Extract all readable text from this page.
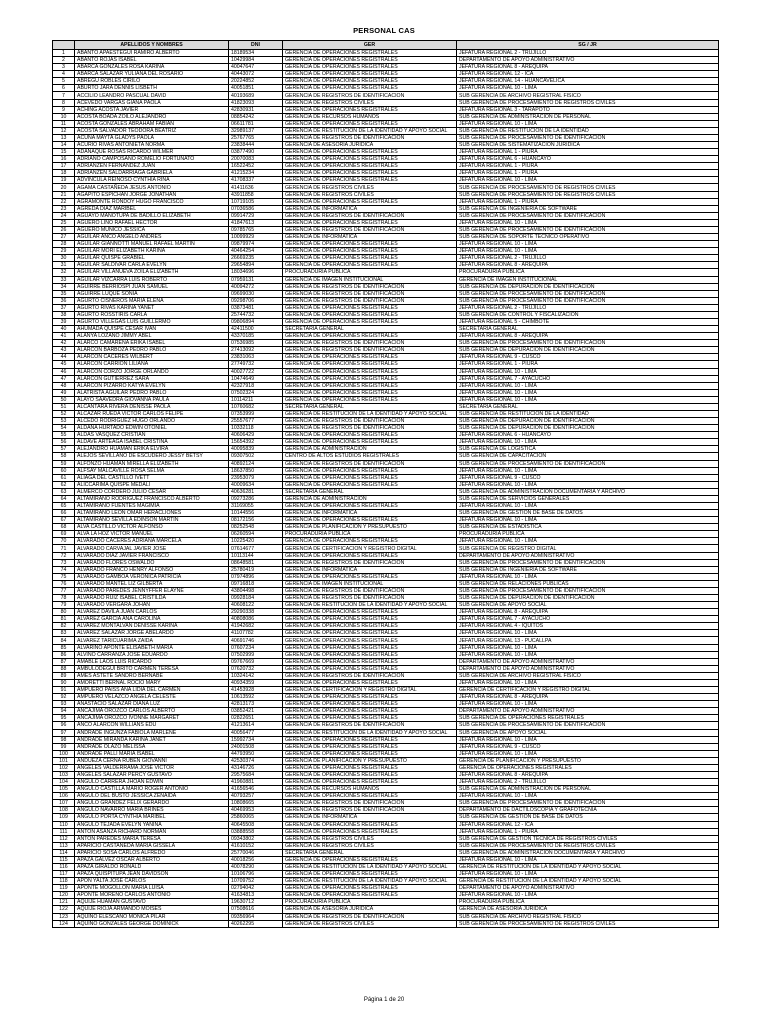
PERSONAL CAS
	APELLIDOS Y NOMBRES	DNI	GER	SG / JR
1	ABANTO APAESTEGUI RAMIRO ALBERTO	18189534	GERENCIA DE OPERACIONES REGISTRALES	JEFATURA REGIONAL 2 - TRUJILLO
2	ABANTO ROJAS ISABEL	10429984	GERENCIA DE OPERACIONES REGISTRALES	DEPARTAMENTO DE APOYO ADMINISTRATIVO
3	ABARCA GONZALES ROSA KARINA	40047647	GERENCIA DE OPERACIONES REGISTRALES	JEFATURA REGIONAL 8 - AREQUIPA
4	ABARCA SALAZAR YULIANA DEL ROSARIO	40443072	GERENCIA DE OPERACIONES REGISTRALES	JEFATURA REGIONAL 12 - ICA
5	ABREGU ROBLES CIRILO	20224852	GERENCIA DE OPERACIONES REGISTRALES	JEFATURA REGIONAL 14 - HUANCAVELICA
6	ABURTO JARA DENNIS LISBETH	40051851	GERENCIA DE OPERACIONES REGISTRALES	JEFATURA REGIONAL 10 - LIMA
7	ACCILIO LEANDRO PASCUAL DAVID	40193689	GERENCIA DE REGISTROS DE IDENTIFICACION	SUB GERENCIA DE ARCHIVO REGISTRAL FISICO
8	ACEVEDO VARGAS GIANA PAOLA	41823093	GERENCIA DE REGISTROS CIVILES	SUB GERENCIA DE PROCESAMIENTO DE REGISTROS CIVILES
9	ACHING ACOSTA JAVIER	42830931	GERENCIA DE OPERACIONES REGISTRALES	JEFATURA REGIONAL 3 - TARAPOTO
10	ACOSTA BOADA ZOILO ALEJANDRO	08854242	GERENCIA DE RECURSOS HUMANOS	SUB GERENCIA DE ADMINISTRACION DE PERSONAL
11	ACOSTA GONZALES ABRAHAM FABIAN	06611781	GERENCIA DE OPERACIONES REGISTRALES	JEFATURA REGIONAL 10 - LIMA
12	ACOSTA SALVADOR TEODORA BEATRIZ	32989137	GERENCIA DE RESTITUCION DE LA IDENTIDAD Y APOYO SOCIAL	SUB GERENCIA DE RESTITUCION DE LA IDENTIDAD
13	ACUÑA MAYTA GLADYS PAOLA	25767765	GERENCIA DE REGISTROS DE IDENTIFICACION	SUB GERENCIA DE PROCESAMIENTO DE IDENTIFICACION
14	ACURIO RIVAS ANTONIETA NORMA	23838444	GERENCIA DE ASESORIA JURIDICA	SUB GERENCIA DE SISTEMATIZACION JURIDICA
15	ADANAQUE ROSAS RICARDO WILMER	03877490	GERENCIA DE OPERACIONES REGISTRALES	JEFATURA REGIONAL 1 - PIURA
16	ADRIANO CAMPOSANO ROMELIO FORTUNATO	20070083	GERENCIA DE OPERACIONES REGISTRALES	JEFATURA REGIONAL 6 - HUANCAYO
17	ADRIANZEN FERNANDEZ JUAN	16522452	GERENCIA DE OPERACIONES REGISTRALES	JEFATURA REGIONAL 1 - PIURA
18	ADRIANZEN SALDARRIAGA GABRIELA	41215234	GERENCIA DE OPERACIONES REGISTRALES	JEFATURA REGIONAL 1 - PIURA
19	ADVINCULA REINOSO CYNTHIA RINA	41708337	GERENCIA DE OPERACIONES REGISTRALES	JEFATURA REGIONAL 10 - LIMA
20	AGAMA CASTAÑEDA JESUS ANTONIO	41411636	GERENCIA DE REGISTROS CIVILES	SUB GERENCIA DE PROCESAMIENTO DE REGISTROS CIVILES
21	AGAPITO ESPICHAN JORGE JONATHAN	43911858	GERENCIA DE REGISTROS CIVILES	SUB GERENCIA DE PROCESAMIENTO DE REGISTROS CIVILES
22	AGRAMONTE RONDOY HUGO FRANCISCO	10719105	GERENCIA DE OPERACIONES REGISTRALES	JEFATURA REGIONAL 1 - PIURA
23	AGREDA DIAZ MARIBEL	07036586	GERENCIA DE INFORMATICA	SUB GERENCIA DE INGENIERIA DE SOFTWARE
24	AGUAYO MANOTUPA DE BADILLO ELIZABETH	09914729	GERENCIA DE REGISTROS DE IDENTIFICACION	SUB GERENCIA DE PROCESAMIENTO DE IDENTIFICACION
25	AGUERO LINO RAFAEL HECTOR	41847613	GERENCIA DE OPERACIONES REGISTRALES	JEFATURA REGIONAL 10 - LIMA
26	AGUERO MUÑICO JESSICA	09785765	GERENCIA DE REGISTROS DE IDENTIFICACION	SUB GERENCIA DE PROCESAMIENTO DE IDENTIFICACION
27	AGUILAR ANCO ANGELO ANDRES	10099929	GERENCIA DE INFORMATICA	SUB GERENCIA DE SOPORTE TECNICO OPERATIVO
28	AGUILAR GIANNOTTI MANUEL RAFAEL MARTIN	09879974	GERENCIA DE OPERACIONES REGISTRALES	JEFATURA REGIONAL 10 - LIMA
29	AGUILAR MORI ELIZABETH KARINA	40464254	GERENCIA DE OPERACIONES REGISTRALES	JEFATURA REGIONAL 10 - LIMA
30	AGUILAR QUISPE GRABIEL	26669235	GERENCIA DE OPERACIONES REGISTRALES	JEFATURA REGIONAL 2 - TRUJILLO
31	AGUILAR SALDIVAR CARLA EVELYN	29654894	GERENCIA DE OPERACIONES REGISTRALES	JEFATURA REGIONAL 8 - AREQUIPA
32	AGUILAR VILLANUEVA ZOILA ELIZABETH	18034696	PROCURADURIA PUBLICA	PROCURADURIA PUBLICA
33	AGUILAR VIZCARRA LUIS ROBERTO	07959131	GERENCIA DE IMAGEN INSTITUCIONAL	GERENCIA DE IMAGEN INSTITUCIONAL
34	AGUIRRE BERRIOSPI JUAN SAMUEL	40094272	GERENCIA DE REGISTROS DE IDENTIFICACION	SUB GERENCIA DE DEPURACION DE IDENTIFICACION
35	AGUIRRE LUQUE SONIA	09699030	GERENCIA DE REGISTROS DE IDENTIFICACION	SUB GERENCIA DE PROCESAMIENTO DE IDENTIFICACION
36	AGURTO CISNEROS MARIA ELENA	09298706	GERENCIA DE REGISTROS DE IDENTIFICACION	SUB GERENCIA DE PROCESAMIENTO DE IDENTIFICACION
37	AGURTO RIVAS KARINA YANET	03873481	GERENCIA DE OPERACIONES REGISTRALES	JEFATURA REGIONAL 2 - TRUJILLO
38	AGURTO ROSSTIRIS CARLA	25744732	GERENCIA DE OPERACIONES REGISTRALES	SUB GERENCIA DE CONTROL Y FISCALIZACION
39	AGURTO VILLEGAS LUIS GUILLERMO	09806894	GERENCIA DE OPERACIONES REGISTRALES	JEFATURA REGIONAL 5 - CHIMBOTE
40	AHUMADA QUISPE CESAR IVAN	42411500	SECRETARIA GENERAL	SECRETARIA GENERAL
41	ALANYA LOZANO JIMMY ABEL	43370185	GERENCIA DE OPERACIONES REGISTRALES	JEFATURA REGIONAL 8 - AREQUIPA
42	ALARCO CAMARENA ERIKA ISABEL	07536985	GERENCIA DE REGISTROS DE IDENTIFICACION	SUB GERENCIA DE PROCESAMIENTO DE IDENTIFICACION
43	ALARCON BARBOZA PEDRO PABLO	27413092	GERENCIA DE REGISTROS DE IDENTIFICACION	SUB GERENCIA DE DEPURACION DE IDENTIFICACION
44	ALARCON CACERES WILBERT	23831063	GERENCIA DE OPERACIONES REGISTRALES	JEFATURA REGIONAL 9 - CUSCO
45	ALARCON CARRION LILIANA	27749732	GERENCIA DE OPERACIONES REGISTRALES	JEFATURA REGIONAL 1 - PIURA
46	ALARCON CORZO JORGE ORLANDO	40027722	GERENCIA DE OPERACIONES REGISTRALES	JEFATURA REGIONAL 10 - LIMA
47	ALARCON GUTIERREZ SARA	10474649	GERENCIA DE OPERACIONES REGISTRALES	JEFATURA REGIONAL 7 - AYACUCHO
48	ALARCON PIZARRO KATYA EVELYN	42327918	GERENCIA DE OPERACIONES REGISTRALES	JEFATURA REGIONAL 10 - LIMA
49	ALATRISTA AGUILAR PEDRO PABLO	07502324	GERENCIA DE OPERACIONES REGISTRALES	JEFATURA REGIONAL 10 - LIMA
50	ALAYO SAAVEDRA GIOVANNA PAULA	10114211	GERENCIA DE OPERACIONES REGISTRALES	JEFATURA REGIONAL 10 - LIMA
51	ALCANTARA RIVERA DENISSE PAOLA	10760682	SECRETARIA GENERAL	SECRETARIA GENERAL
52	ALCAZAR RUEDA VICTOR CARLOS FELIPE	07353999	GERENCIA DE RESTITUCION DE LA IDENTIDAD Y APOYO SOCIAL	SUB GERENCIA DE RESTITUCION DE LA IDENTIDAD
53	ALCEDO RODRIGUEZ HUGO ORLANDO	25557677	GERENCIA DE REGISTROS DE IDENTIFICACION	SUB GERENCIA DE DEPURACION DE IDENTIFICACION
54	ALDANA HURTADO EDWIN OTONIEL	10332118	GERENCIA DE REGISTROS DE IDENTIFICACION	SUB GERENCIA DE DEPURACION DE IDENTIFICACION
55	ALDAS VASQUEZ CRISTIAN	40606429	GERENCIA DE OPERACIONES REGISTRALES	JEFATURA REGIONAL 6 - HUANCAYO
56	ALDAVE ARTEAGA ISABEL CRISTINA	15654392	GERENCIA DE OPERACIONES REGISTRALES	JEFATURA REGIONAL 10 - LIMA
57	ALEJANDRO HUAMAN ERIKA ELVIRA	40095839	GERENCIA DE ADMINISTRACION	SUB GERENCIA DE LOGISTICA
58	ALEJOS SEVILLANO DE ESCUDERO JESSY BETSY	09307502	CENTRO DE ALTOS ESTUDIOS REGISTRALES	SUB GERENCIA DE CAPACITACION
59	ALFONZO HUAMAN MIRELLA ELIZABETH	40892124	GERENCIA DE REGISTROS DE IDENTIFICACION	SUB GERENCIA DE PROCESAMIENTO DE IDENTIFICACION
60	ALFSAY MALCAVILLE ROSA SELMA	18637850	GERENCIA DE OPERACIONES REGISTRALES	JEFATURA REGIONAL 10 - LIMA
61	ALIAGA DEL CASTILLO IVETT	23953079	GERENCIA DE OPERACIONES REGISTRALES	JEFATURA REGIONAL 9 - CUSCO
62	ALICCARIMA QUISPE MEDALI	40009634	GERENCIA DE OPERACIONES REGISTRALES	JEFATURA REGIONAL 10 - LIMA
63	ALMERCO CORDERO JULIO CESAR	40636281	SECRETARIA GENERAL	SUB GERENCIA DE ADMINISTRACION DOCUMENTARIA Y ARCHIVO
64	ALTAMIRANO RODRIGUEZ FRANCISCO ALBERTO	09273286	GERENCIA DE ADMINISTRACION	SUB GERENCIA DE SERVICIOS GENERALES
65	ALTAMIRANO FUENTES MAGIMIA	31169055	GERENCIA DE OPERACIONES REGISTRALES	JEFATURA REGIONAL 10 - LIMA
66	ALTAMIRANO LEON OMAR HERACLIONES	10144556	GERENCIA DE INFORMATICA	SUB GERENCIA DE GESTION DE BASE DE DATOS
67	ALTAMIRANO SEVILLA EDINSON MARTIN	08172156	GERENCIA DE OPERACIONES REGISTRALES	JEFATURA REGIONAL 10 - LIMA
68	ALVA CASTILLO VICTOR ALFONSO	08252548	GERENCIA DE PLANIFICACION Y PRESUPUESTO	SUB GERENCIA DE ESTADISTICA
69	ALVA LA HOZ VICTOR MANUEL	06260594	PROCURADURIA PUBLICA	PROCURADURIA PUBLICA
70	ALVARADO CACERES ADRIANA MARCELA	10225420	GERENCIA DE OPERACIONES REGISTRALES	JEFATURA REGIONAL 10 - LIMA
71	ALVARADO CARVAJAL JAVIER JOSE	07614677	GERENCIA DE CERTIFICACION Y REGISTRO DIGITAL	SUB GERENCIA DE REGISTRO DIGITAL
72	ALVARADO DIAZ JAVIER FRANCISCO	10113144	GERENCIA DE OPERACIONES REGISTRALES	DEPARTAMENTO DE APOYO ADMINISTRATIVO
73	ALVARADO FLORES OSWALDO	08648581	GERENCIA DE REGISTROS DE IDENTIFICACION	SUB GERENCIA DE PROCESAMIENTO DE IDENTIFICACION
74	ALVARADO FRANCO HENRY ALFONSO	25780419	GERENCIA DE INFORMATICA	SUB GERENCIA DE INGENIERIA DE SOFTWARE
75	ALVARADO GAMBOA VERONICA PATRICIA	07974896	GERENCIA DE OPERACIONES REGISTRALES	JEFATURA REGIONAL 10 - LIMA
76	ALVARADO MANTEL LIZ GILBERTA	09716818	GERENCIA DE IMAGEN INSTITUCIONAL	SUB GERENCIA DE RELACIONES PUBLICAS
77	ALVARADO PAREDES JENNYFFER ELAYNE	43804498	GERENCIA DE REGISTROS DE IDENTIFICACION	SUB GERENCIA DE PROCESAMIENTO DE IDENTIFICACION
78	ALVARADO RUIZ ISABEL CRISTILDA	09928184	GERENCIA DE REGISTROS DE IDENTIFICACION	SUB GERENCIA DE DEPURACION DE IDENTIFICACION
79	ALVARADO VERGARA JOHAN	40608122	GERENCIA DE RESTITUCION DE LA IDENTIDAD Y APOYO SOCIAL	SUB GERENCIA DE APOYO SOCIAL
80	ALVAREZ DAVILA JUAN CARLOS	29290338	GERENCIA DE OPERACIONES REGISTRALES	JEFATURA REGIONAL 8 - AREQUIPA
81	ALVAREZ GARCIA ANA CAROLINA	40808086	GERENCIA DE OPERACIONES REGISTRALES	JEFATURA REGIONAL 7 - AYACUCHO
82	ALVAREZ MONTALVAN DENISSE KARINA	41942682	GERENCIA DE OPERACIONES REGISTRALES	JEFATURA REGIONAL 4 - IQUITOS
83	ALVAREZ SALAZAR JORGE ABELARDO	41107782	GERENCIA DE OPERACIONES REGISTRALES	JEFATURA REGIONAL 10 - LIMA
84	ALVAREZ TARICUARIMA ZAIDA	40691746	GERENCIA DE OPERACIONES REGISTRALES	JEFATURA REGIONAL 13 - PUCALLPA
85	ALVARINO APONTE ELISABETH MARIA	07607234	GERENCIA DE OPERACIONES REGISTRALES	JEFATURA REGIONAL 10 - LIMA
86	ALVINO CARRANZA JOSE EDUARDO	07502999	GERENCIA DE OPERACIONES REGISTRALES	JEFATURA REGIONAL 10 - LIMA
87	AMABLE LAOS LUIS RICARDO	09767669	GERENCIA DE OPERACIONES REGISTRALES	DEPARTAMENTO DE APOYO ADMINISTRATIVO
88	AMBULODEGUI BRITO CARMEN TERESA	07620732	GERENCIA DE OPERACIONES REGISTRALES	DEPARTAMENTO DE APOYO ADMINISTRATIVO
89	AMES ASTETE SANDRO BERNABE	10324142	GERENCIA DE REGISTROS DE IDENTIFICACION	SUB GERENCIA DE ARCHIVO REGISTRAL FISICO
90	AMORETTI BERNAL ROCIO MARY	40934359	GERENCIA DE OPERACIONES REGISTRALES	JEFATURA REGIONAL 10 - LIMA
91	AMPUERO PAISS ANA LIDIA DEL CARMEN	41453928	GERENCIA DE CERTIFICACION Y REGISTRO DIGITAL	GERENCIA DE CERTIFICACION Y REGISTRO DIGITAL
92	AMPUERO VELAZCO ANGELA CELESTE	10613592	GERENCIA DE OPERACIONES REGISTRALES	JEFATURA REGIONAL 8 - AREQUIPA
93	ANASTACIO SALAZAR DIANA LUZ	42813173	GERENCIA DE OPERACIONES REGISTRALES	JEFATURA REGIONAL 10 - LIMA
94	ANCAJIMA OROZCO CARLOS ALBERTO	03852421	GERENCIA DE OPERACIONES REGISTRALES	DEPARTAMENTO DE APOYO ADMINISTRATIVO
95	ANCAJIMA OROZCO IVONNE MARGARET	02822651	GERENCIA DE OPERACIONES REGISTRALES	SUB GERENCIA DE OPERACIONES REGISTRALES
96	ANCO ALARCON WILLIANS EDU	41213614	GERENCIA DE REGISTROS DE IDENTIFICACION	SUB GERENCIA DE PROCESAMIENTO DE IDENTIFICACION
97	ANDRADE INGUNZA FABIOLA MARLENE	40056477	GERENCIA DE RESTITUCION DE LA IDENTIDAD Y APOYO SOCIAL	SUB GERENCIA DE APOYO SOCIAL
98	ANDRADE MIRANDA KARINA JANET	15992734	GERENCIA DE OPERACIONES REGISTRALES	JEFATURA REGIONAL 10 - LIMA
99	ANDRADE OLAZO MELISSA	24001508	GERENCIA DE OPERACIONES REGISTRALES	JEFATURA REGIONAL 9 - CUSCO
100	ANDRADE PALLI MARIA ISABEL	44793950	GERENCIA DE OPERACIONES REGISTRALES	JEFATURA REGIONAL 10 - LIMA
101	ANDUEZA CERNA RUBEN GIOVANNI	42530374	GERENCIA DE PLANIFICACION Y PRESUPUESTO	GERENCIA DE PLANIFICACION Y PRESUPUESTO
102	ANGELES VALDERRAMA JOSE VICTOR	43146726	GERENCIA DE OPERACIONES REGISTRALES	GERENCIA DE OPERACIONES REGISTRALES
103	ANGELES SALAZAR PERCY GUSTAVO	29575684	GERENCIA DE OPERACIONES REGISTRALES	JEFATURA REGIONAL 8 - AREQUIPA
104	ANGULO CARRERA JHOAN EDWIN	41960881	GERENCIA DE OPERACIONES REGISTRALES	JEFATURA REGIONAL 2 - TRUJILLO
105	ANGULO CASTILLA MARIO ROGER ANTONIO	41656546	GERENCIA DE RECURSOS HUMANOS	SUB GERENCIA DE ADMINISTRACION DE PERSONAL
106	ANGULO DEL BUSTO JESSICA ZENAIDA	40793257	GERENCIA DE OPERACIONES REGISTRALES	JEFATURA REGIONAL 10 - LIMA
107	ANGULO GRANDEZ FELIX GERARDO	10808665	GERENCIA DE REGISTROS DE IDENTIFICACION	SUB GERENCIA DE PROCESAMIENTO DE IDENTIFICACION
108	ANGULO NAVARRO MARIA BRINES	40469953	GERENCIA DE REGISTROS DE IDENTIFICACION	DEPARTAMENTO DE DACTILOSCOPIA Y GRAFOTECNIA
109	ANGULO PORTA CYNTHIA MARIBEL	25860065	GERENCIA DE INFORMATICA	SUB GERENCIA DE GESTION DE BASE DE DATOS
110	ANGULO TEJADA EVELYN YANINA	40645508	GERENCIA DE OPERACIONES REGISTRALES	JEFATURA REGIONAL 12 - ICA
111	ANTON ASANZA RICHARD NORMAN	03888558	GERENCIA DE OPERACIONES REGISTRALES	JEFATURA REGIONAL 1 - PIURA
112	ANTON PAREDES MARIA TERESA	09343802	GERENCIA DE REGISTROS CIVILES	SUB GERENCIA DE GESTION TECNICA DE REGISTROS CIVILES
113	APARICIO CASTAÑEDA MARIA GISSELA	41610152	GERENCIA DE REGISTROS CIVILES	SUB GERENCIA DE PROCESAMIENTO DE REGISTROS CIVILES
114	APARICIO SOSA CARLOS ALFREDO	25770046	SECRETARIA GENERAL	SUB GERENCIA DE ADMINISTRACION DOCUMENTARIA Y ARCHIVO
115	APAZA GALVEZ OSCAR ALBERTO	40018256	GERENCIA DE OPERACIONES REGISTRALES	JEFATURA REGIONAL 10 - LIMA
116	APAZA GIRALDO RONALD	40078290	GERENCIA DE RESTITUCION DE LA IDENTIDAD Y APOYO SOCIAL	GERENCIA DE RESTITUCION DE LA IDENTIDAD Y APOYO SOCIAL
117	APAZA QUISPITUPA JEAN DAVIDSON	10106796	GERENCIA DE OPERACIONES REGISTRALES	JEFATURA REGIONAL 10 - LIMA
118	APON YALTA JOSE CARLOS	10709752	GERENCIA DE RESTITUCION DE LA IDENTIDAD Y APOYO SOCIAL	GERENCIA DE RESTITUCION DE LA IDENTIDAD Y APOYO SOCIAL
119	APONTE MOGOLLON MARIA LUISA	02794042	GERENCIA DE OPERACIONES REGISTRALES	DEPARTAMENTO DE APOYO ADMINISTRATIVO
120	APONTE MORENO CARLOS ANTONIO	41634813	GERENCIA DE OPERACIONES REGISTRALES	JEFATURA REGIONAL 10 - LIMA
121	AQUIJE HUAMAN GUSTAVO	19630712	PROCURADURIA PUBLICA	PROCURADURIA PUBLICA
122	AQUIJE RIOJA ARMANDO MOISES	07508616	GERENCIA DE ASESORIA JURIDICA	GERENCIA DE ASESORIA JURIDICA
123	AQUINO ELESCANO MONICA PILAR	09356964	GERENCIA DE REGISTROS DE IDENTIFICACION	SUB GERENCIA DE ARCHIVO REGISTRAL FISICO
124	AQUINO GONZALES GEORGE DOMINICK	40262295	GERENCIA DE REGISTROS CIVILES	SUB GERENCIA DE PROCESAMIENTO DE REGISTROS CIVILES
Página 1 de 20
